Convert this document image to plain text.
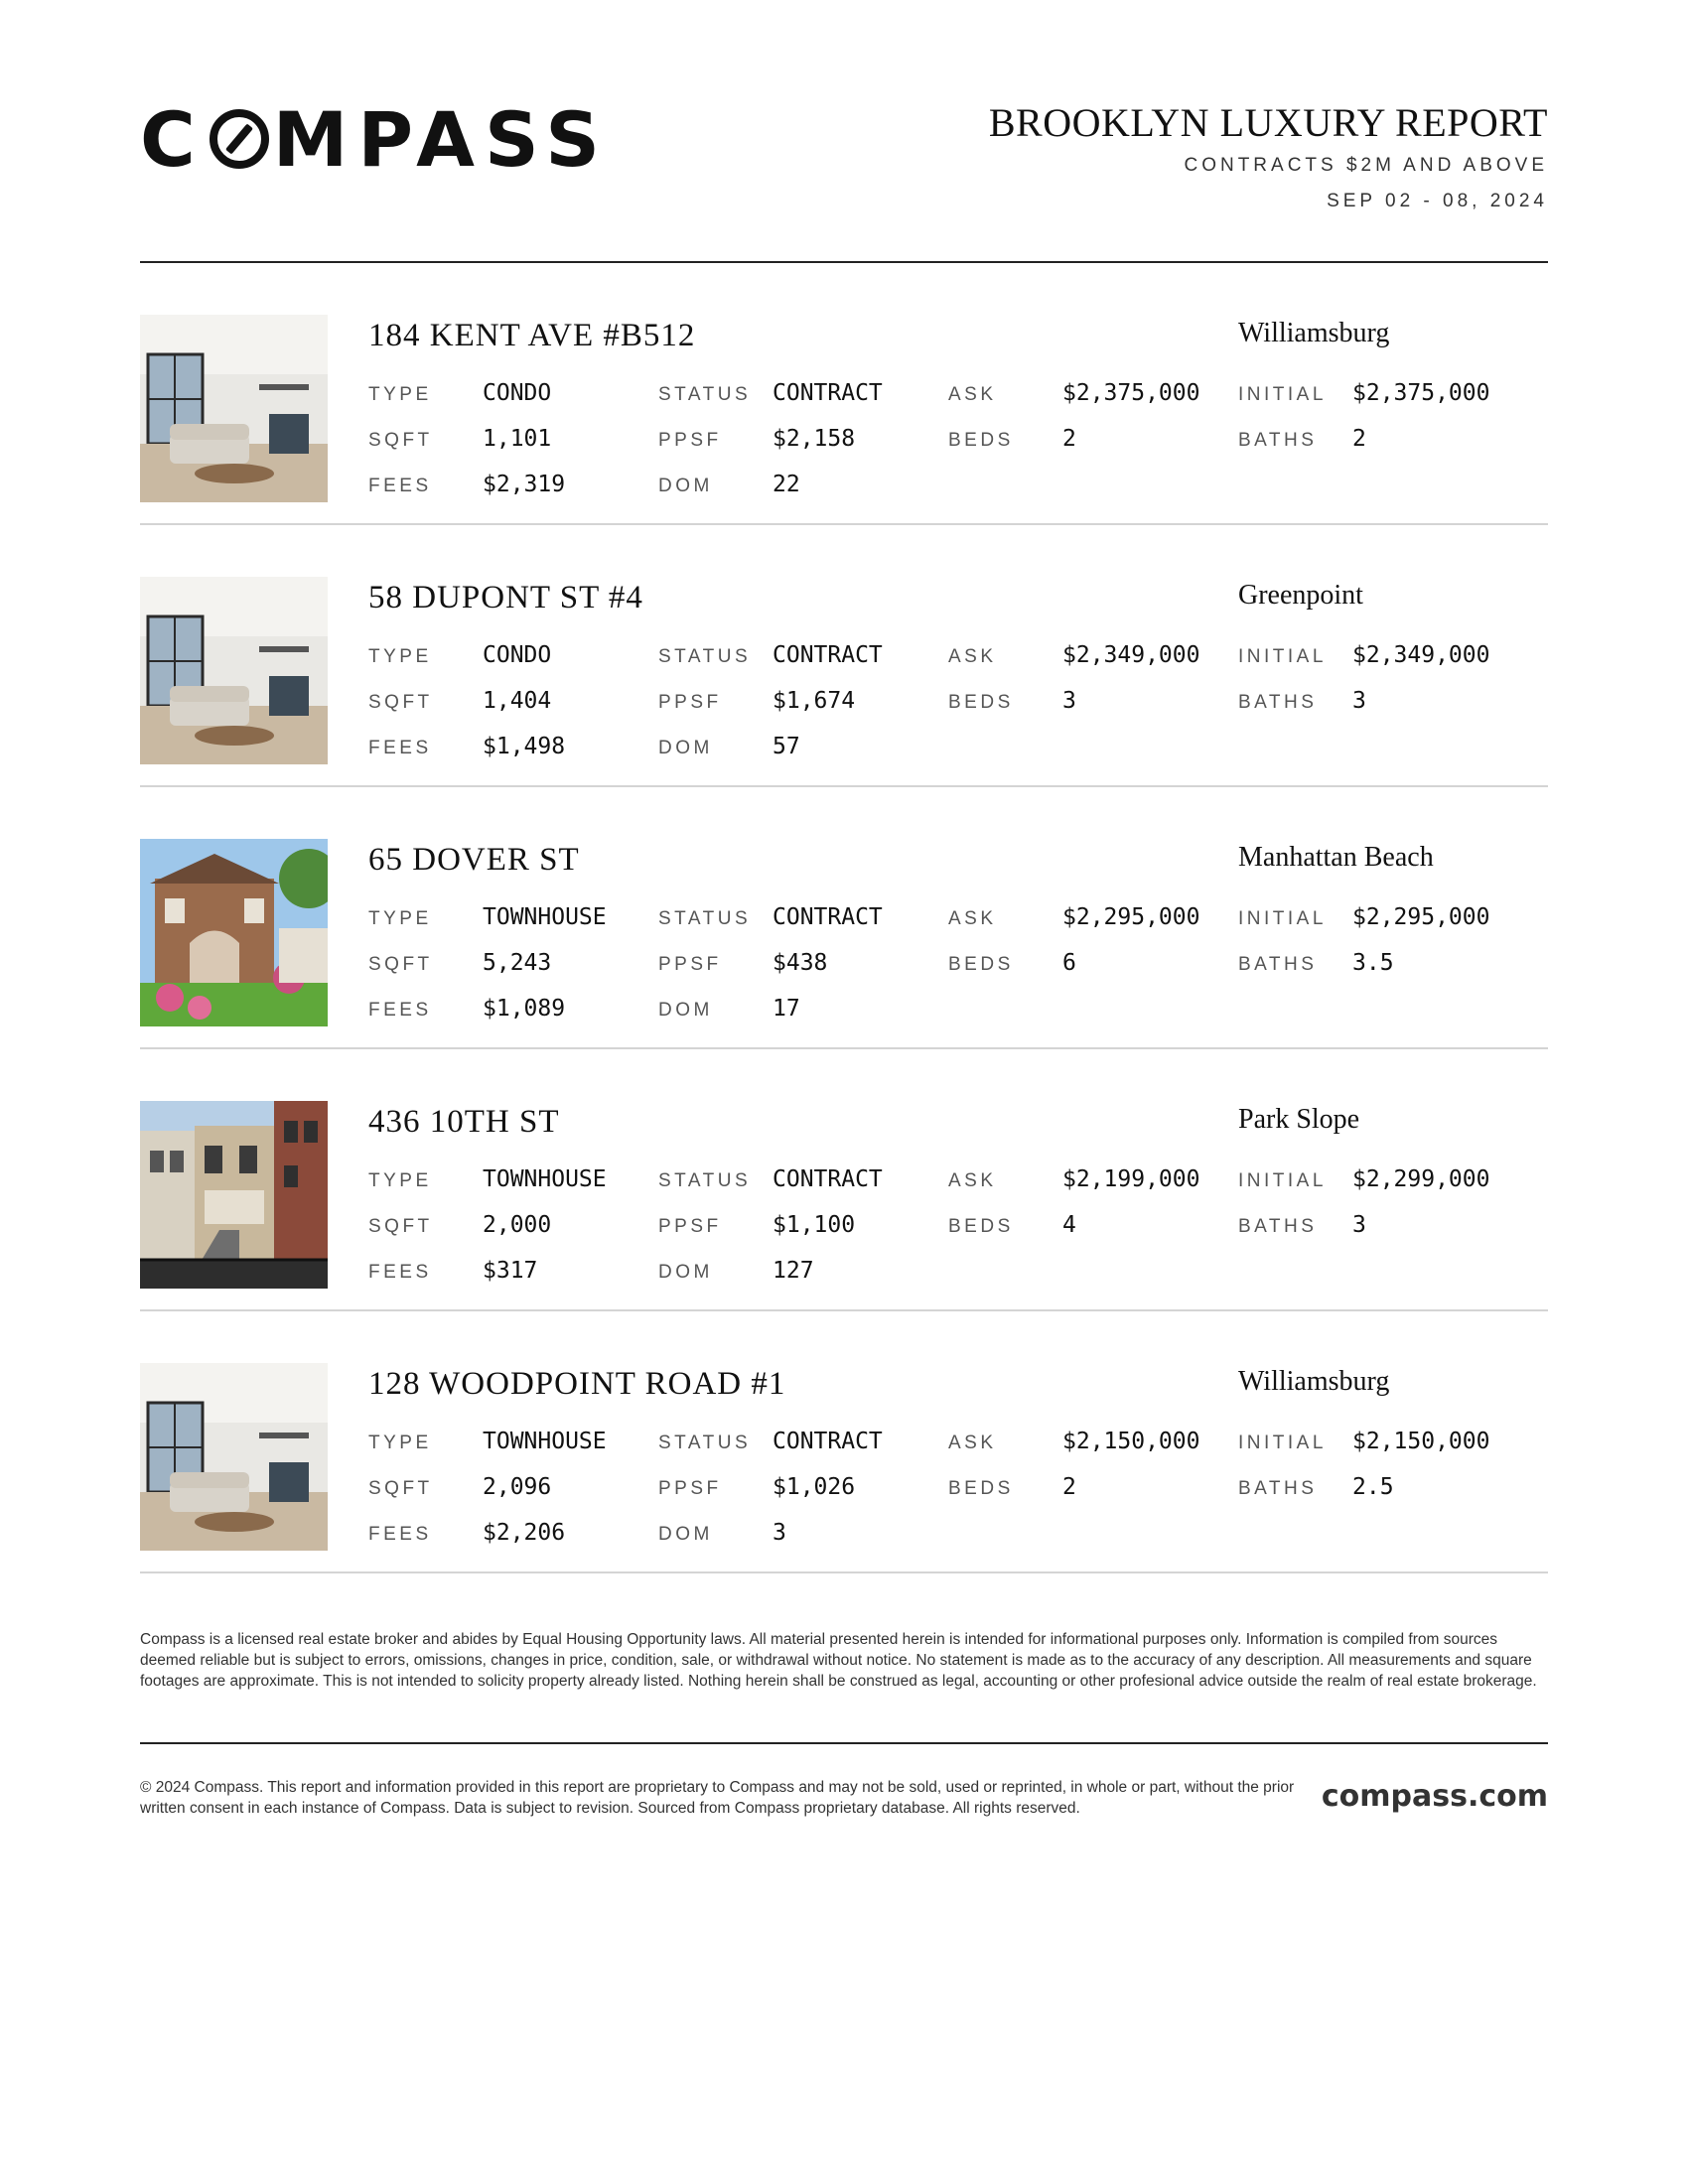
C MPASS	BROOKLYN LUXURY REPORT
CONTRACTS $2M AND ABOVE
SEP 02 - 08, 2024
184 KENT AVE #B512	Williamsburg
TYPE CONDO	STATUS CONTRACT	ASK	$2,375,000 INITIAL $2,375,000
SQFT 1,101	PPSF $2,158	BEDS 2	BATHS 2
FEES $2,319	DOM	22
58 DUPONT ST #4	Greenpoint
TYPE CONDO	STATUS CONTRACT	ASK	$2,349,000 INITIAL $2,349,000
SQFT 1,404	PPSF $1,674	BEDS 3	BATHS 3
FEES $1,498	DOM	57
65 DOVER ST	Manhattan Beach
TYPE TOWNHOUSE	STATUS CONTRACT	ASK	$2,295,000 INITIAL $2,295,000
SQFT 5,243	PPSF $438	BEDS 6	BATHS 3.5
FEES $1,089	DOM	17
436 10TH ST	Park Slope
TYPE TOWNHOUSE	STATUS CONTRACT	ASK	$2,199,000 INITIAL $2,299,000
SQFT 2,000	PPSF $1,100	BEDS 4	BATHS 3
FEES $317	DOM	127
128 WOODPOINT ROAD #1	Williamsburg
TYPE TOWNHOUSE	STATUS CONTRACT	ASK	$2,150,000 INITIAL $2,150,000
SQFT 2,096	PPSF $1,026	BEDS 2	BATHS 2.5
FEES $2,206	DOM	3
Compass is a licensed real estate broker and abides by Equal Housing Opportunity laws. All material presented herein is intended for informational purposes only. Information is compiled from sources deemed reliable but is subject to errors, omissions, changes in price, condition, sale, or withdrawal without notice. No statement is made as to the accuracy of any description. All measurements and square footages are approximate. This is not intended to solicity property already listed. Nothing herein shall be construed as legal, accounting or other profesional advice outside the realm of real estate brokerage.
© 2024 Compass. This report and information provided in this report are proprietary to Compass and may not be sold, used or reprinted, in whole or part, without the prior written consent in each instance of Compass. Data is subject to revision. Sourced from Compass proprietary database. All rights reserved.	compass.com
